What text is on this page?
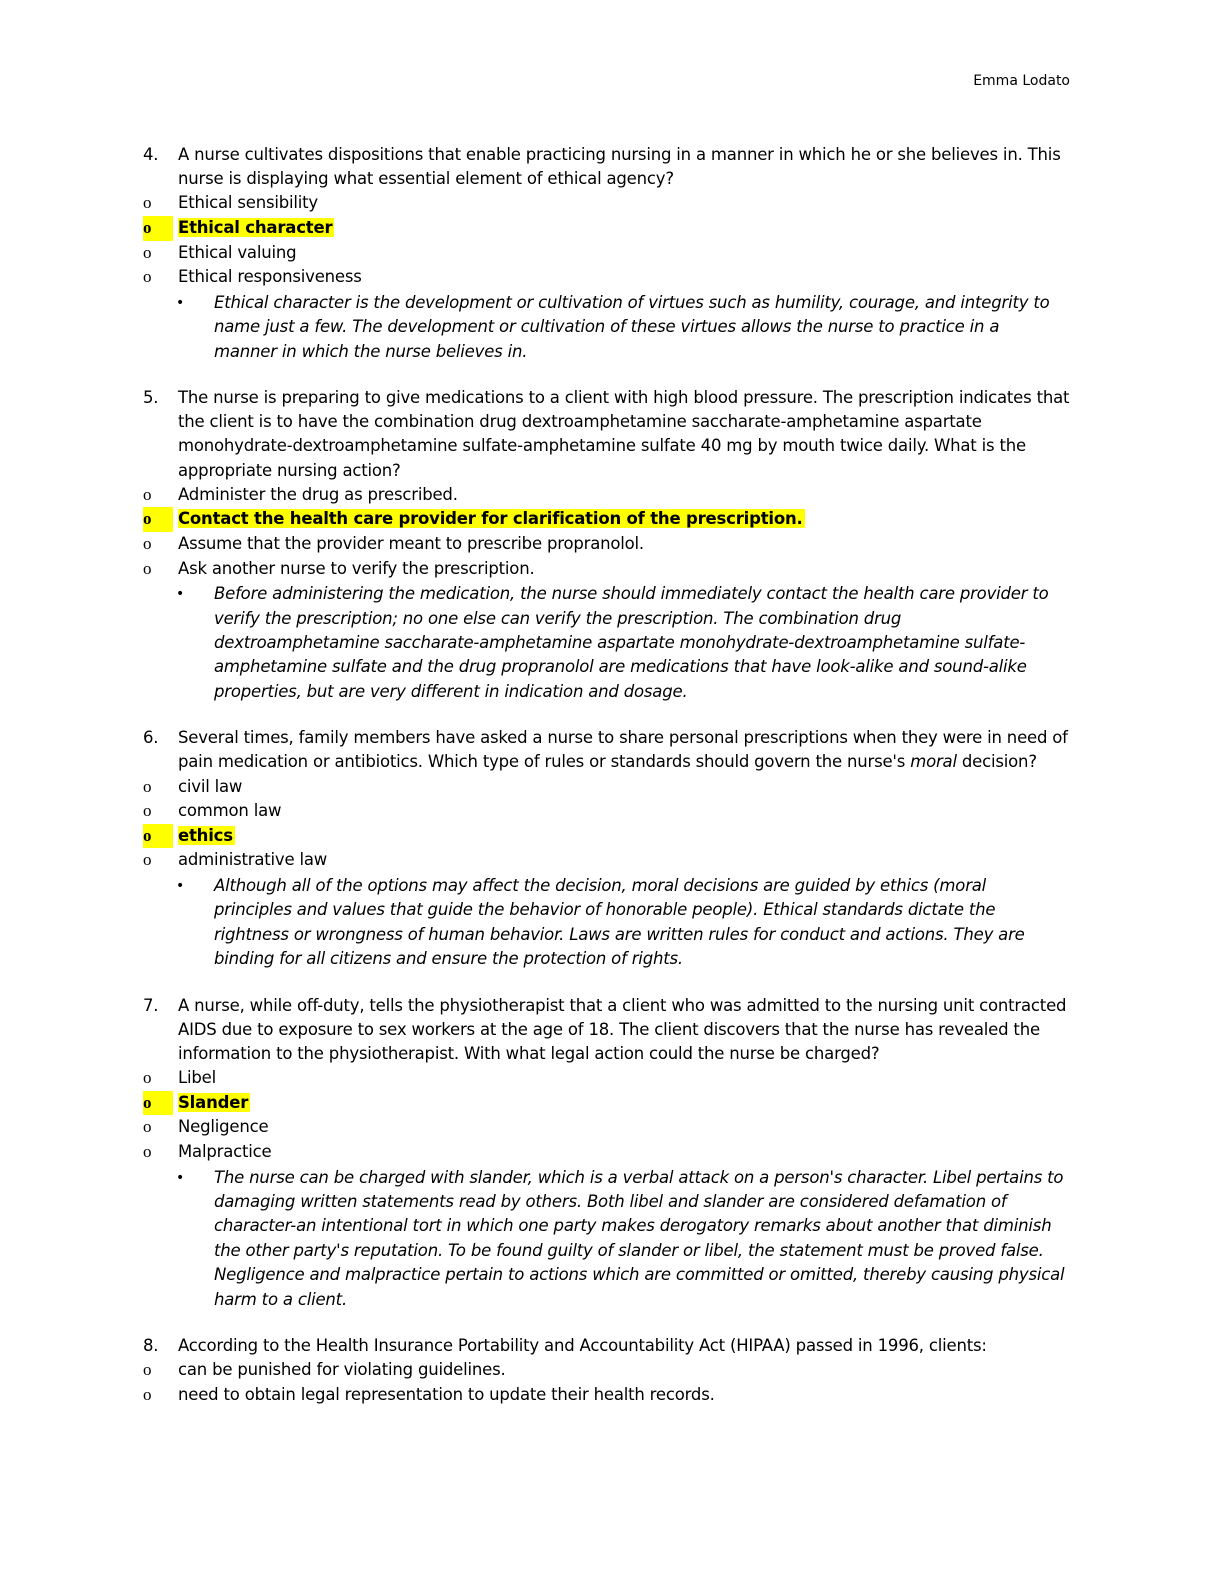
Emma Lodato
4. A nurse cultivates dispositions that enable practicing nursing in a manner in which he or she believes in. This nurse is displaying what essential element of ethical agency?
o Ethical sensibility
o	Ethical character
o Ethical valuing
o Ethical responsiveness
• Ethical character is the development or cultivation of virtues such as humility, courage, and integrity to name just a few. The development or cultivation of these virtues allows the nurse to practice in a manner in which the nurse believes in.
5. The nurse is preparing to give medications to a client with high blood pressure. The prescription indicates that the client is to have the combination drug dextroamphetamine saccharate-amphetamine aspartate monohydrate-dextroamphetamine sulfate-amphetamine sulfate 40 mg by mouth twice daily. What is the appropriate nursing action?
o Administer the drug as prescribed.
o	Contact the health care provider for clarification of the prescription.
o Assume that the provider meant to prescribe propranolol.
o Ask another nurse to verify the prescription.
• Before administering the medication, the nurse should immediately contact the health care provider to verify the prescription; no one else can verify the prescription. The combination drug dextroamphetamine saccharate-amphetamine aspartate monohydrate-dextroamphetamine sulfate-amphetamine sulfate and the drug propranolol are medications that have look-alike and sound-alike properties, but are very different in indication and dosage.
6. Several times, family members have asked a nurse to share personal prescriptions when they were in need of pain medication or antibiotics. Which type of rules or standards should govern the nurse's moral decision?
o civil law
o common law
o	ethics
o administrative law
• Although all of the options may affect the decision, moral decisions are guided by ethics (moral principles and values that guide the behavior of honorable people). Ethical standards dictate the rightness or wrongness of human behavior. Laws are written rules for conduct and actions. They are binding for all citizens and ensure the protection of rights.
7. A nurse, while off-duty, tells the physiotherapist that a client who was admitted to the nursing unit contracted AIDS due to exposure to sex workers at the age of 18. The client discovers that the nurse has revealed the information to the physiotherapist. With what legal action could the nurse be charged?
o Libel
o	Slander
o Negligence
o Malpractice
• The nurse can be charged with slander, which is a verbal attack on a person's character. Libel pertains to damaging written statements read by others. Both libel and slander are considered defamation of character-an intentional tort in which one party makes derogatory remarks about another that diminish the other party's reputation. To be found guilty of slander or libel, the statement must be proved false. Negligence and malpractice pertain to actions which are committed or omitted, thereby causing physical harm to a client.
8. According to the Health Insurance Portability and Accountability Act (HIPAA) passed in 1996, clients:
o can be punished for violating guidelines.
o need to obtain legal representation to update their health records.
